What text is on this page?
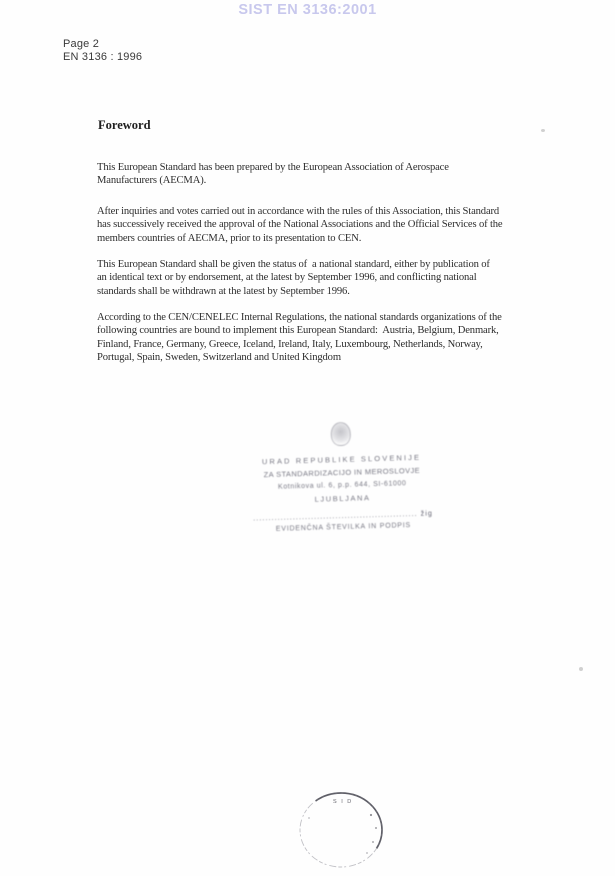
SIST EN 3136:2001
Page 2
EN 3136 : 1996
Foreword
This European Standard has been prepared by the European Association of Aerospace
Manufacturers (AECMA).
After inquiries and votes carried out in accordance with the rules of this Association, this Standard
has successively received the approval of the National Associations and the Official Services of the
members countries of AECMA, prior to its presentation to CEN.
This European Standard shall be given the status of  a national standard, either by publication of
an identical text or by endorsement, at the latest by September 1996, and conflicting national
standards shall be withdrawn at the latest by September 1996.
According to the CEN/CENELEC Internal Regulations, the national standards organizations of the
following countries are bound to implement this European Standard:  Austria, Belgium, Denmark,
Finland, France, Germany, Greece, Iceland, Ireland, Italy, Luxembourg, Netherlands, Norway,
Portugal, Spain, Sweden, Switzerland and United Kingdom
URAD REPUBLIKE SLOVENIJE
ZA STANDARDIZACIJO IN MEROSLOVJE
Kotnikova ul. 6, p.p. 644, SI-61000
LJUBLJANA
...................................................... žig
EVIDENČNA ŠTEVILKA IN PODPIS
S I D
